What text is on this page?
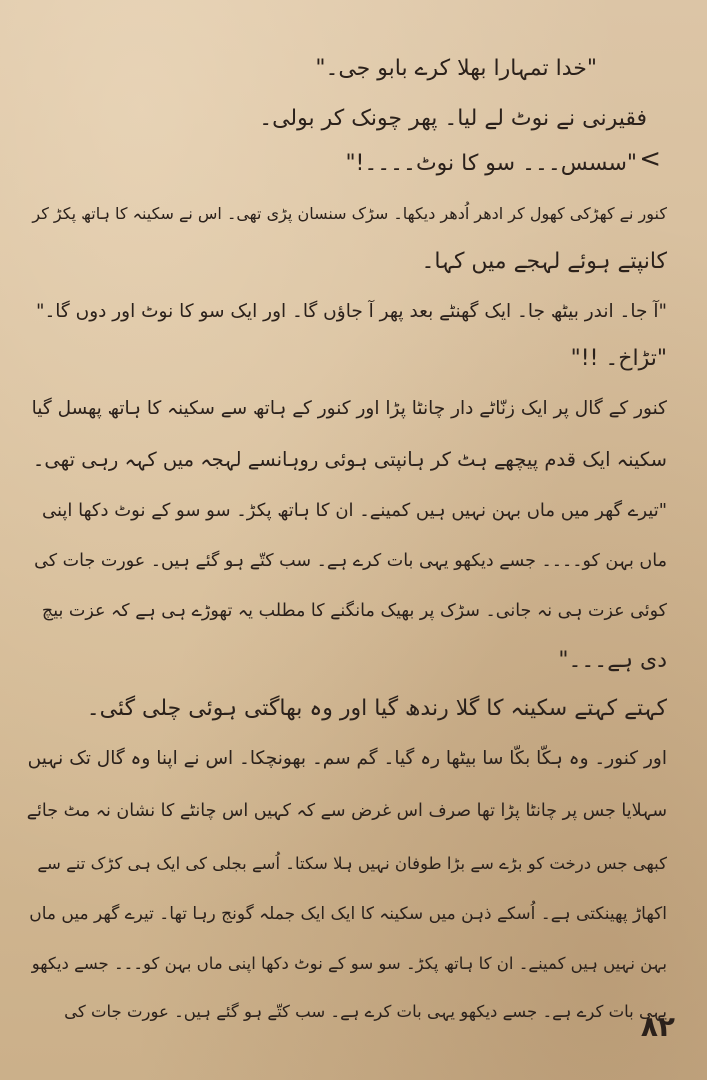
<
"خدا تمہارا بھلا کرے بابو جی۔"
فقیرنی نے نوٹ لے لیا۔ پھر چونک کر بولی۔
"سسس۔۔۔ سو کا نوٹ۔۔۔۔!"
کنور نے کھڑکی کھول کر ادھر اُدھر دیکھا۔ سڑک سنسان پڑی تھی۔ اس نے سکینہ کا ہاتھ پکڑ کر
کانپتے ہوئے لہجے میں کہا۔
"آ جا۔ اندر بیٹھ جا۔ ایک گھنٹے بعد پھر آ جاؤں گا۔ اور ایک سو کا نوٹ اور دوں گا۔"
"تڑاخ۔ !!"
کنور کے گال پر ایک زنّاٹے دار چانٹا پڑا اور کنور کے ہاتھ سے سکینہ کا ہاتھ پھسل گیا
سکینہ ایک قدم پیچھے ہٹ کر ہانپتی ہوئی روہانسے لہجہ میں کہہ رہی تھی۔
"تیرے گھر میں ماں بہن نہیں ہیں کمینے۔ ان کا ہاتھ پکڑ۔ سو سو کے نوٹ دکھا اپنی
ماں بہن کو۔۔۔۔ جسے دیکھو یہی بات کرے ہے۔ سب کتّے ہو گئے ہیں۔ عورت جات کی
کوئی عزت ہی نہ جانی۔ سڑک پر بھیک مانگنے کا مطلب یہ تھوڑے ہی ہے کہ عزت بیچ
دی ہے۔۔۔"
کہتے کہتے سکینہ کا گلا رندھ گیا اور وہ بھاگتی ہوئی چلی گئی۔
اور کنور۔ وہ ہکّا بکّا سا بیٹھا رہ گیا۔ گم سم۔ بھونچکا۔ اس نے اپنا وہ گال تک نہیں
سہلایا جس پر چانٹا پڑا تھا صرف اس غرض سے کہ کہیں اس چانٹے کا نشان نہ مٹ جائے
کبھی جس درخت کو بڑے سے بڑا طوفان نہیں ہلا سکتا۔ اُسے بجلی کی ایک ہی کڑک تنے سے
اکھاڑ پھینکتی ہے۔ اُسکے ذہن میں سکینہ کا ایک ایک جملہ گونج رہا تھا۔ تیرے گھر میں ماں
بہن نہیں ہیں کمینے۔ ان کا ہاتھ پکڑ۔ سو سو کے نوٹ دکھا اپنی ماں بہن کو۔۔۔ جسے دیکھو
یہی بات کرے ہے۔ جسے دیکھو یہی بات کرے ہے۔ سب کتّے ہو گئے ہیں۔ عورت جات کی
۸۲
